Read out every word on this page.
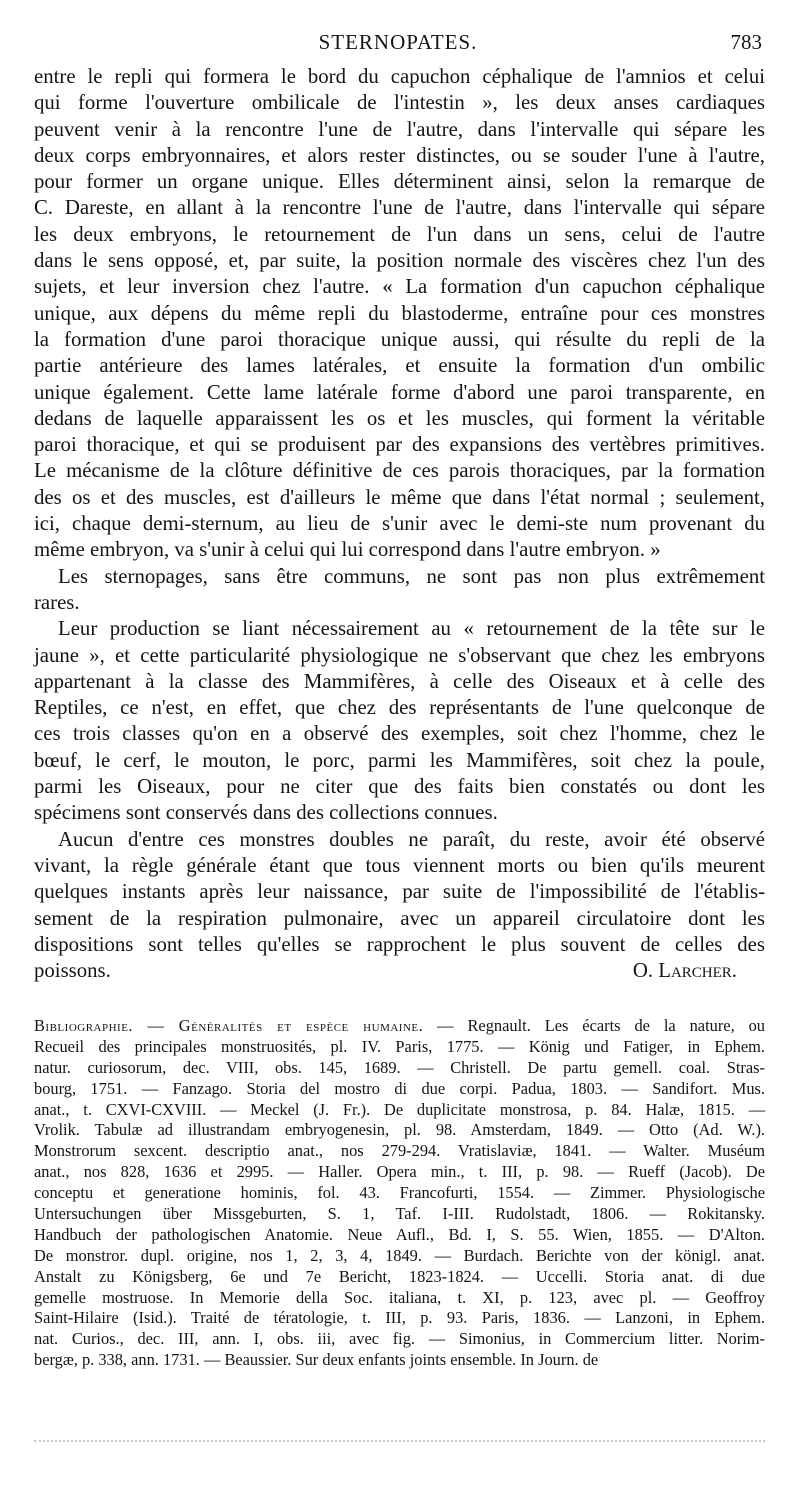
STERNOPATES.	783
entre le repli qui formera le bord du capuchon céphalique de l'amnios et celui
qui forme l'ouverture ombilicale de l'intestin », les deux anses cardiaques
peuvent venir à la rencontre l'une de l'autre, dans l'intervalle qui sépare les
deux corps embryonnaires, et alors rester distinctes, ou se souder l'une à l'autre,
pour former un organe unique. Elles déterminent ainsi, selon la remarque de
C. Dareste, en allant à la rencontre l'une de l'autre, dans l'intervalle qui sépare
les deux embryons, le retournement de l'un dans un sens, celui de l'autre
dans le sens opposé, et, par suite, la position normale des viscères chez l'un des
sujets, et leur inversion chez l'autre. « La formation d'un capuchon céphalique
unique, aux dépens du même repli du blastoderme, entraîne pour ces monstres
la formation d'une paroi thoracique unique aussi, qui résulte du repli de la
partie antérieure des lames latérales, et ensuite la formation d'un ombilic
unique également. Cette lame latérale forme d'abord une paroi transparente, en
dedans de laquelle apparaissent les os et les muscles, qui forment la véritable
paroi thoracique, et qui se produisent par des expansions des vertèbres primitives.
Le mécanisme de la clôture définitive de ces parois thoraciques, par la formation
des os et des muscles, est d'ailleurs le même que dans l'état normal ; seulement,
ici, chaque demi-sternum, au lieu de s'unir avec le demi-ste num provenant du
même embryon, va s'unir à celui qui lui correspond dans l'autre embryon. »
Les sternopages, sans être communs, ne sont pas non plus extrêmement
rares.
Leur production se liant nécessairement au « retournement de la tête sur le
jaune », et cette particularité physiologique ne s'observant que chez les embryons
appartenant à la classe des Mammifères, à celle des Oiseaux et à celle des
Reptiles, ce n'est, en effet, que chez des représentants de l'une quelconque de
ces trois classes qu'on en a observé des exemples, soit chez l'homme, chez le
bœuf, le cerf, le mouton, le porc, parmi les Mammifères, soit chez la poule,
parmi les Oiseaux, pour ne citer que des faits bien constatés ou dont les
spécimens sont conservés dans des collections connues.
Aucun d'entre ces monstres doubles ne paraît, du reste, avoir été observé
vivant, la règle générale étant que tous viennent morts ou bien qu'ils meurent
quelques instants après leur naissance, par suite de l'impossibilité de l'établis-
sement de la respiration pulmonaire, avec un appareil circulatoire dont les
dispositions sont telles qu'elles se rapprochent le plus souvent de celles des
poissons.	O. Larcher.
Bibliographie. — Généralités et espèce humaine. — Regnault. Les écarts de la nature, ou
Recueil des principales monstruosités, pl. IV. Paris, 1775. — König und Fatiger, in Ephem.
natur. curiosorum, dec. VIII, obs. 145, 1689. — Christell. De partu gemell. coal. Stras-
bourg, 1751. — Fanzago. Storia del mostro di due corpi. Padua, 1803. — Sandifort. Mus.
anat., t. CXVI-CXVIII. — Meckel (J. Fr.). De duplicitate monstrosa, p. 84. Halæ, 1815. —
Vrolik. Tabulæ ad illustrandam embryogenesin, pl. 98. Amsterdam, 1849. — Otto (Ad. W.).
Monstrorum sexcent. descriptio anat., nos 279-294. Vratislaviæ, 1841. — Walter. Muséum
anat., nos 828, 1636 et 2995. — Haller. Opera min., t. III, p. 98. — Rueff (Jacob). De
conceptu et generatione hominis, fol. 43. Francofurti, 1554. — Zimmer. Physiologische
Untersuchungen über Missgeburten, S. 1, Taf. I-III. Rudolstadt, 1806. — Rokitansky.
Handbuch der pathologischen Anatomie. Neue Aufl., Bd. I, S. 55. Wien, 1855. — D'Alton.
De monstror. dupl. origine, nos 1, 2, 3, 4, 1849. — Burdach. Berichte von der königl. anat.
Anstalt zu Königsberg, 6e und 7e Bericht, 1823-1824. — Uccelli. Storia anat. di due
gemelle mostruose. In Memorie della Soc. italiana, t. XI, p. 123, avec pl. — Geoffroy
Saint-Hilaire (Isid.). Traité de tératologie, t. III, p. 93. Paris, 1836. — Lanzoni, in Ephem.
nat. Curios., dec. III, ann. I, obs. iii, avec fig. — Simonius, in Commercium litter. Norim-
bergæ, p. 338, ann. 1731. — Beaussier. Sur deux enfants joints ensemble. In Journ. de
